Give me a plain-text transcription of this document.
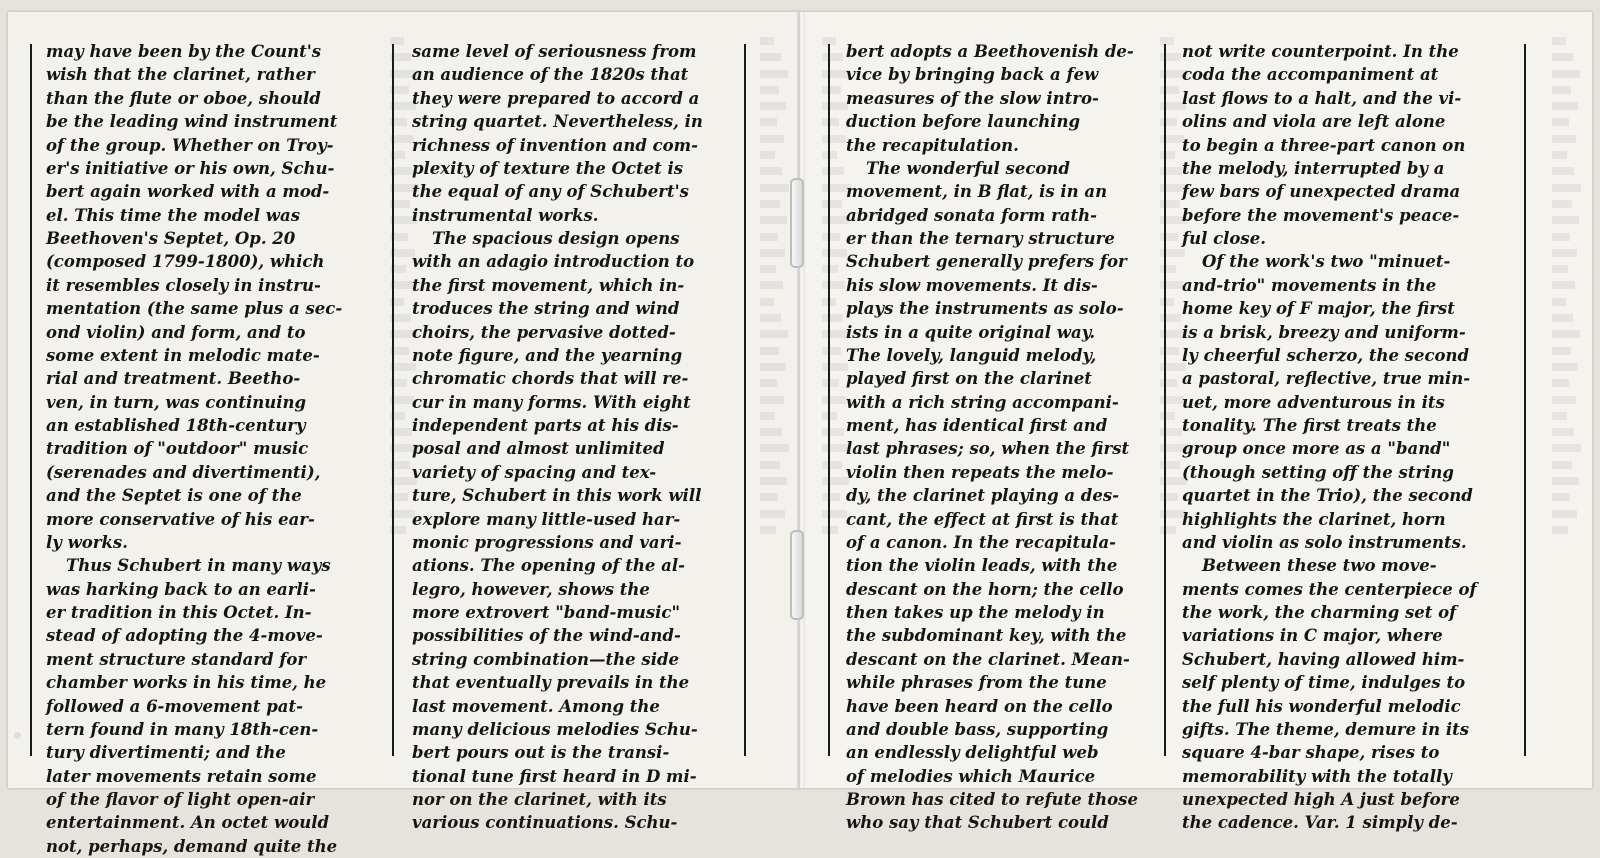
may have been by the Count's
wish that the clarinet, rather
than the flute or oboe, should
be the leading wind instrument
of the group. Whether on Troy-
er's initiative or his own, Schu-
bert again worked with a mod-
el. This time the model was
Beethoven's Septet, Op. 20
(composed 1799-1800), which
it resembles closely in instru-
mentation (the same plus a sec-
ond violin) and form, and to
some extent in melodic mate-
rial and treatment. Beetho-
ven, in turn, was continuing
an established 18th-century
tradition of "outdoor" music
(serenades and divertimenti),
and the Septet is one of the
more conservative of his ear-
ly works.
Thus Schubert in many ways
was harking back to an earli-
er tradition in this Octet. In-
stead of adopting the 4-move-
ment structure standard for
chamber works in his time, he
followed a 6-movement pat-
tern found in many 18th-cen-
tury divertimenti; and the
later movements retain some
of the flavor of light open-air
entertainment. An octet would
not, perhaps, demand quite the
same level of seriousness from
an audience of the 1820s that
they were prepared to accord a
string quartet. Nevertheless, in
richness of invention and com-
plexity of texture the Octet is
the equal of any of Schubert's
instrumental works.
The spacious design opens
with an adagio introduction to
the first movement, which in-
troduces the string and wind
choirs, the pervasive dotted-
note figure, and the yearning
chromatic chords that will re-
cur in many forms. With eight
independent parts at his dis-
posal and almost unlimited
variety of spacing and tex-
ture, Schubert in this work will
explore many little-used har-
monic progressions and vari-
ations. The opening of the al-
legro, however, shows the
more extrovert "band-music"
possibilities of the wind-and-
string combination—the side
that eventually prevails in the
last movement. Among the
many delicious melodies Schu-
bert pours out is the transi-
tional tune first heard in D mi-
nor on the clarinet, with its
various continuations. Schu-
bert adopts a Beethovenish de-
vice by bringing back a few
measures of the slow intro-
duction before launching
the recapitulation.
The wonderful second
movement, in B flat, is in an
abridged sonata form rath-
er than the ternary structure
Schubert generally prefers for
his slow movements. It dis-
plays the instruments as solo-
ists in a quite original way.
The lovely, languid melody,
played first on the clarinet
with a rich string accompani-
ment, has identical first and
last phrases; so, when the first
violin then repeats the melo-
dy, the clarinet playing a des-
cant, the effect at first is that
of a canon. In the recapitula-
tion the violin leads, with the
descant on the horn; the cello
then takes up the melody in
the subdominant key, with the
descant on the clarinet. Mean-
while phrases from the tune
have been heard on the cello
and double bass, supporting
an endlessly delightful web
of melodies which Maurice
Brown has cited to refute those
who say that Schubert could
not write counterpoint. In the
coda the accompaniment at
last flows to a halt, and the vi-
olins and viola are left alone
to begin a three-part canon on
the melody, interrupted by a
few bars of unexpected drama
before the movement's peace-
ful close.
Of the work's two "minuet-
and-trio" movements in the
home key of F major, the first
is a brisk, breezy and uniform-
ly cheerful scherzo, the second
a pastoral, reflective, true min-
uet, more adventurous in its
tonality. The first treats the
group once more as a "band"
(though setting off the string
quartet in the Trio), the second
highlights the clarinet, horn
and violin as solo instruments.
Between these two move-
ments comes the centerpiece of
the work, the charming set of
variations in C major, where
Schubert, having allowed him-
self plenty of time, indulges to
the full his wonderful melodic
gifts. The theme, demure in its
square 4-bar shape, rises to
memorability with the totally
unexpected high A just before
the cadence. Var. 1 simply de-
